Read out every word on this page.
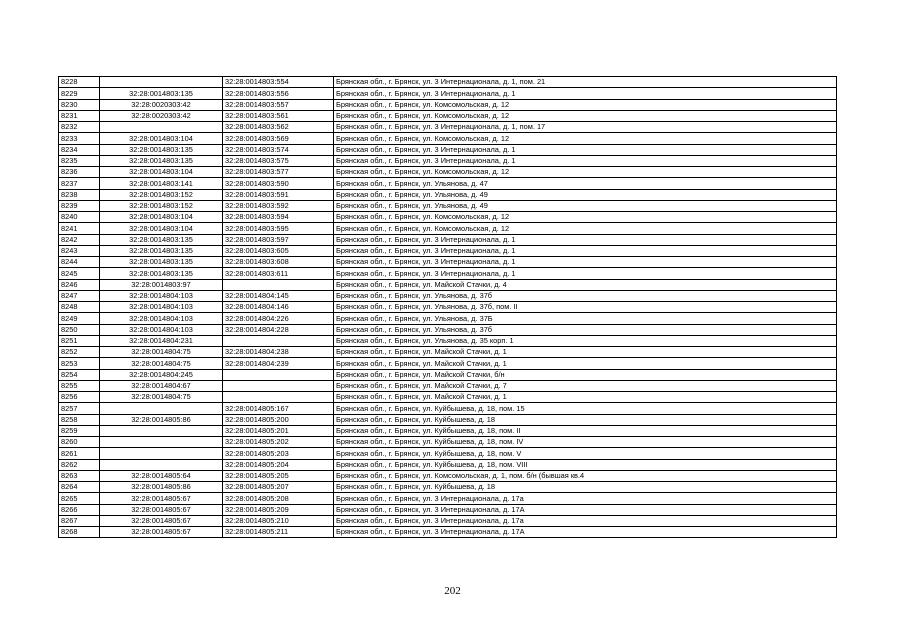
8228		32:28:0014803:554	Брянская обл., г. Брянск, ул. 3 Интернационала, д. 1, пом. 21
8229	32:28:0014803:135	32:28:0014803:556	Брянская обл., г. Брянск, ул. 3 Интернационала, д. 1
8230	32:28:0020303:42	32:28:0014803:557	Брянская обл., г. Брянск, ул. Комсомольская, д. 12
8231	32:28:0020303:42	32:28:0014803:561	Брянская обл., г. Брянск, ул. Комсомольская, д. 12
8232		32:28:0014803:562	Брянская обл., г. Брянск, ул. 3 Интернационала, д. 1, пом. 17
8233	32:28:0014803:104	32:28:0014803:569	Брянская обл., г. Брянск, ул. Комсомольская, д. 12
8234	32:28:0014803:135	32:28:0014803:574	Брянская обл., г. Брянск, ул. 3 Интернационала, д. 1
8235	32:28:0014803:135	32:28:0014803:575	Брянская обл., г. Брянск, ул. 3 Интернационала, д. 1
8236	32:28:0014803:104	32:28:0014803:577	Брянская обл., г. Брянск, ул. Комсомольская, д. 12
8237	32:28:0014803:141	32:28:0014803:590	Брянская обл., г. Брянск, ул. Ульянова, д. 47
8238	32:28:0014803:152	32:28:0014803:591	Брянская обл., г. Брянск, ул. Ульянова, д. 49
8239	32:28:0014803:152	32:28:0014803:592	Брянская обл., г. Брянск, ул. Ульянова, д. 49
8240	32:28:0014803:104	32:28:0014803:594	Брянская обл., г. Брянск, ул. Комсомольская, д. 12
8241	32:28:0014803:104	32:28:0014803:595	Брянская обл., г. Брянск, ул. Комсомольская, д. 12
8242	32:28:0014803:135	32:28:0014803:597	Брянская обл., г. Брянск, ул. 3 Интернационала, д. 1
8243	32:28:0014803:135	32:28:0014803:605	Брянская обл., г. Брянск, ул. 3 Интернационала, д. 1
8244	32:28:0014803:135	32:28:0014803:608	Брянская обл., г. Брянск, ул. 3 Интернационала, д. 1
8245	32:28:0014803:135	32:28:0014803:611	Брянская обл., г. Брянск, ул. 3 Интернационала, д. 1
8246	32:28:0014803:97		Брянская обл., г. Брянск, ул. Майской Стачки, д. 4
8247	32:28:0014804:103	32:28:0014804:145	Брянская обл., г. Брянск, ул. Ульянова, д. 37б
8248	32:28:0014804:103	32:28:0014804:146	Брянская обл., г. Брянск, ул. Ульянова, д. 37б, пом. II
8249	32:28:0014804:103	32:28:0014804:226	Брянская обл., г. Брянск, ул. Ульянова, д. 37Б
8250	32:28:0014804:103	32:28:0014804:228	Брянская обл., г. Брянск, ул. Ульянова, д. 37б
8251	32:28:0014804:231		Брянская обл., г. Брянск, ул. Ульянова, д. 35 корп. 1
8252	32:28:0014804:75	32:28:0014804:238	Брянская обл., г. Брянск, ул. Майской Стачки, д. 1
8253	32:28:0014804:75	32:28:0014804:239	Брянская обл., г. Брянск, ул. Майской Стачки, д. 1
8254	32:28:0014804:245		Брянская обл., г. Брянск, ул. Майской Стачки, б/н
8255	32:28:0014804:67		Брянская обл., г. Брянск, ул. Майской Стачки, д. 7
8256	32:28:0014804:75		Брянская обл., г. Брянск, ул. Майской Стачки, д. 1
8257		32:28:0014805:167	Брянская обл., г. Брянск, ул. Куйбышева, д. 18, пом. 15
8258	32:28:0014805:86	32:28:0014805:200	Брянская обл., г. Брянск, ул. Куйбышева, д. 18
8259		32:28:0014805:201	Брянская обл., г. Брянск, ул. Куйбышева, д. 18, пом. II
8260		32:28:0014805:202	Брянская обл., г. Брянск, ул. Куйбышева, д. 18, пом. IV
8261		32:28:0014805:203	Брянская обл., г. Брянск, ул. Куйбышева, д. 18, пом. V
8262		32:28:0014805:204	Брянская обл., г. Брянск, ул. Куйбышева, д. 18, пом. VIII
8263	32:28:0014805:64	32:28:0014805:205	Брянская обл., г. Брянск, ул. Комсомольская, д. 1, пом. б/н (бывшая кв.4
8264	32:28:0014805:86	32:28:0014805:207	Брянская обл., г. Брянск, ул. Куйбышева, д. 18
8265	32:28:0014805:67	32:28:0014805:208	Брянская обл., г. Брянск, ул. 3 Интернационала, д. 17а
8266	32:28:0014805:67	32:28:0014805:209	Брянская обл., г. Брянск, ул. 3 Интернационала, д. 17А
8267	32:28:0014805:67	32:28:0014805:210	Брянская обл., г. Брянск, ул. 3 Интернационала, д. 17а
8268	32:28:0014805:67	32:28:0014805:211	Брянская обл., г. Брянск, ул. 3 Интернационала, д. 17А
202
